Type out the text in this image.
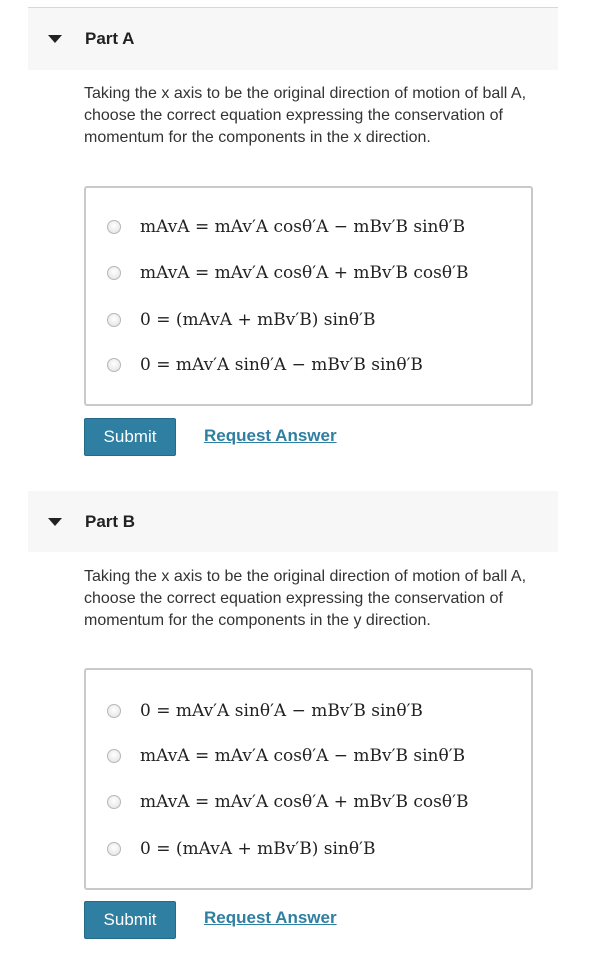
Part A
Taking the x axis to be the original direction of motion of ball A, choose the correct equation expressing the conservation of momentum for the components in the x direction.
mAvA = mAv′A cosθ′A − mBv′B sinθ′B
mAvA = mAv′A cosθ′A + mBv′B cosθ′B
0 = (mAvA + mBv′B) sinθ′B
0 = mAv′A sinθ′A − mBv′B sinθ′B
Submit	Request Answer
Part B
Taking the x axis to be the original direction of motion of ball A, choose the correct equation expressing the conservation of momentum for the components in the y direction.
0 = mAv′A sinθ′A − mBv′B sinθ′B
mAvA = mAv′A cosθ′A − mBv′B sinθ′B
mAvA = mAv′A cosθ′A + mBv′B cosθ′B
0 = (mAvA + mBv′B) sinθ′B
Submit	Request Answer
